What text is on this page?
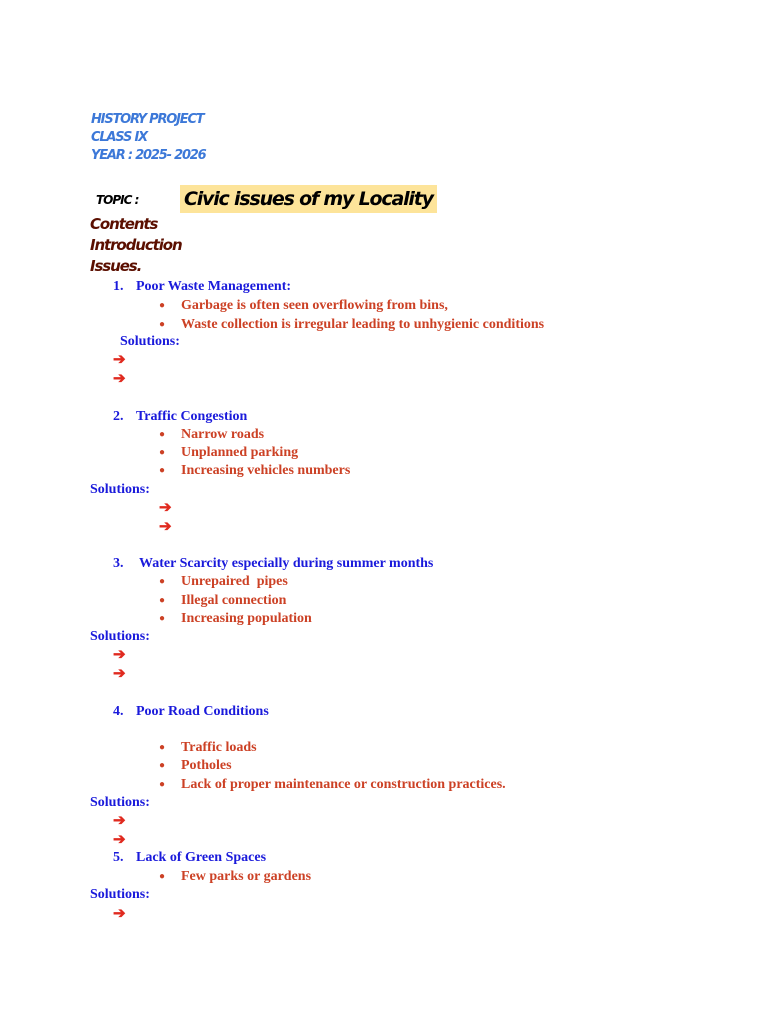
HISTORY PROJECT
CLASS IX
YEAR : 2025- 2026
TOPIC : Civic issues of my Locality
Contents
Introduction
Issues.
1. Poor Waste Management:
● Garbage is often seen overflowing from bins,
● Waste collection is irregular leading to unhygienic conditions
Solutions:
➔
➔
2. Traffic Congestion
● Narrow roads
● Unplanned parking
● Increasing vehicles numbers
Solutions:
➔
➔
3. Water Scarcity especially during summer months
● Unrepaired  pipes
● Illegal connection
● Increasing population
Solutions:
➔
➔
4. Poor Road Conditions
● Traffic loads
● Potholes
● Lack of proper maintenance or construction practices.
Solutions:
➔
➔
5. Lack of Green Spaces
● Few parks or gardens
Solutions:
➔
